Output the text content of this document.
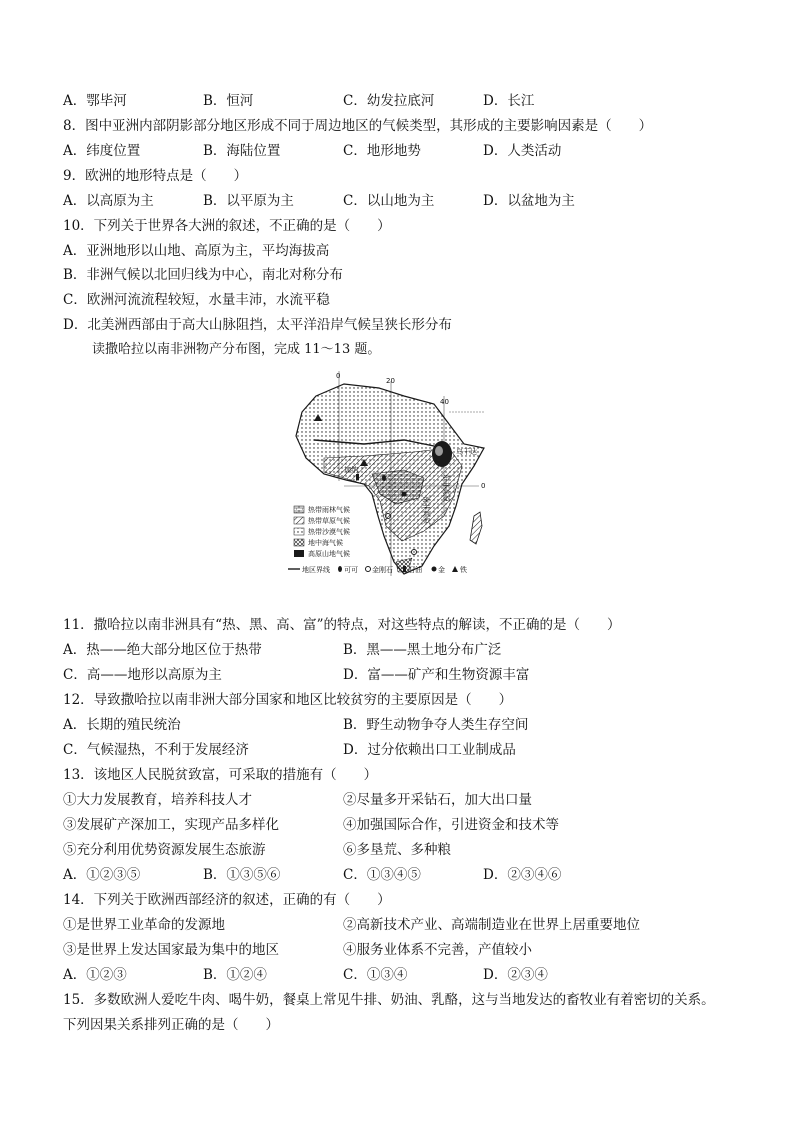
A．鄂毕河	B．恒河	C．幼发拉底河	D．长江
8．图中亚洲内部阴影部分地区形成不同于周边地区的气候类型，其形成的主要影响因素是（　　）
A．纬度位置	B．海陆位置	C．地形地势	D．人类活动
9．欧洲的地形特点是（　　）
A．以高原为主	B．以平原为主	C．以山地为主	D．以盆地为主
10．下列关于世界各大洲的叙述，不正确的是（　　）
A．亚洲地形以山地、高原为主，平均海拔高
B．非洲气候以北回归线为中心，南北对称分布
C．欧洲河流流程较短，水量丰沛，水流平稳
D．北美洲西部由于高大山脉阻挡，太平洋沿岸气候呈狭长形分布
读撒哈拉以南非洲物产分布图，完成 11～13 题。
0
20
40
0
加纳
乌干达
南非高原
东非高原
热带雨林气候
热带草原气候
热带沙漠气候
地中海气候
高原山地气候
地区界线 可可 金刚石 石油 金 铁
11．撒哈拉以南非洲具有“热、黑、高、富”的特点，对这些特点的解读，不正确的是（　　）
A．热——绝大部分地区位于热带	B．黑——黑土地分布广泛
C．高——地形以高原为主	D．富——矿产和生物资源丰富
12．导致撒哈拉以南非洲大部分国家和地区比较贫穷的主要原因是（　　）
A．长期的殖民统治	B．野生动物争夺人类生存空间
C．气候湿热，不利于发展经济	D．过分依赖出口工业制成品
13．该地区人民脱贫致富，可采取的措施有（　　）
①大力发展教育，培养科技人才	②尽量多开采钻石，加大出口量
③发展矿产深加工，实现产品多样化	④加强国际合作，引进资金和技术等
⑤充分利用优势资源发展生态旅游	⑥多垦荒、多种粮
A．①②③⑤	B．①③⑤⑥	C．①③④⑤	D．②③④⑥
14．下列关于欧洲西部经济的叙述，正确的有（　　）
①是世界工业革命的发源地	②高新技术产业、高端制造业在世界上居重要地位
③是世界上发达国家最为集中的地区	④服务业体系不完善，产值较小
A．①②③	B．①②④	C．①③④	D．②③④
15．多数欧洲人爱吃牛肉、喝牛奶，餐桌上常见牛排、奶油、乳酪，这与当地发达的畜牧业有着密切的关系。
下列因果关系排列正确的是（　　）
